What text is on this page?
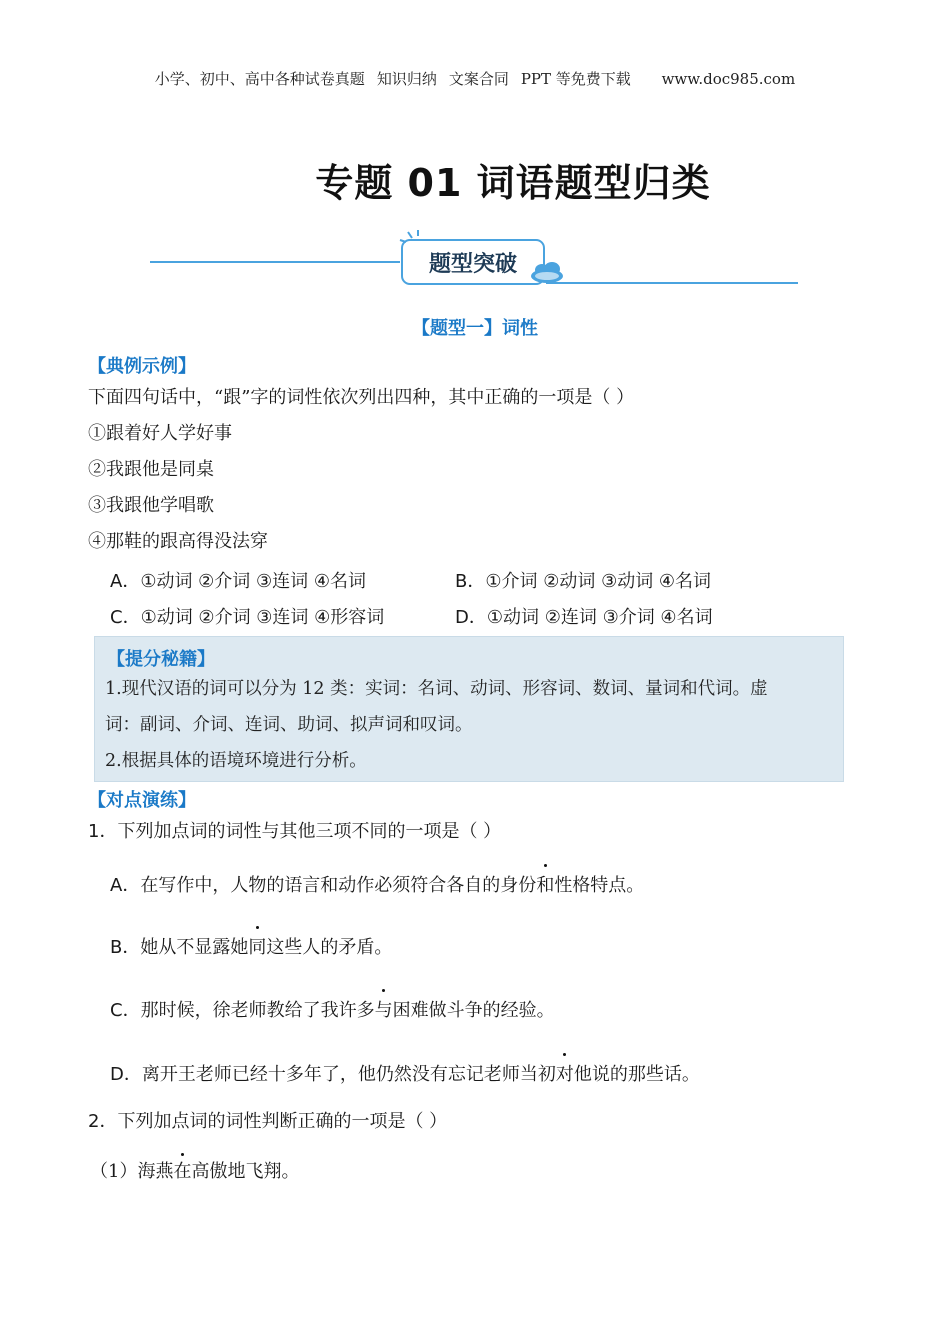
小学、初中、高中各种试卷真题 知识归纳 文案合同 PPT 等免费下载 www.doc985.com
专题 01 词语题型归类
题型突破
【题型一】词性
【典例示例】
下面四句话中，“跟”字的词性依次列出四种，其中正确的一项是（ ）
①跟着好人学好事
②我跟他是同桌
③我跟他学唱歌
④那鞋的跟高得没法穿
A．①动词 ②介词 ③连词 ④名词	B．①介词 ②动词 ③动词 ④名词
C．①动词 ②介词 ③连词 ④形容词	D．①动词 ②连词 ③介词 ④名词
【提分秘籍】
1.现代汉语的词可以分为 12 类：实词：名词、动词、形容词、数词、量词和代词。虚
词：副词、介词、连词、助词、拟声词和叹词。
2.根据具体的语境环境进行分析。
【对点演练】
1．下列加点词的词性与其他三项不同的一项是（ ）
A．在写作中，人物的语言和动作必须符合各自的身份和性格特点。
B．她从不显露她同这些人的矛盾。
C．那时候，徐老师教给了我许多与困难做斗争的经验。
D．离开王老师已经十多年了，他仍然没有忘记老师当初对他说的那些话。
2．下列加点词的词性判断正确的一项是（ ）
（1）海燕在高傲地飞翔。
